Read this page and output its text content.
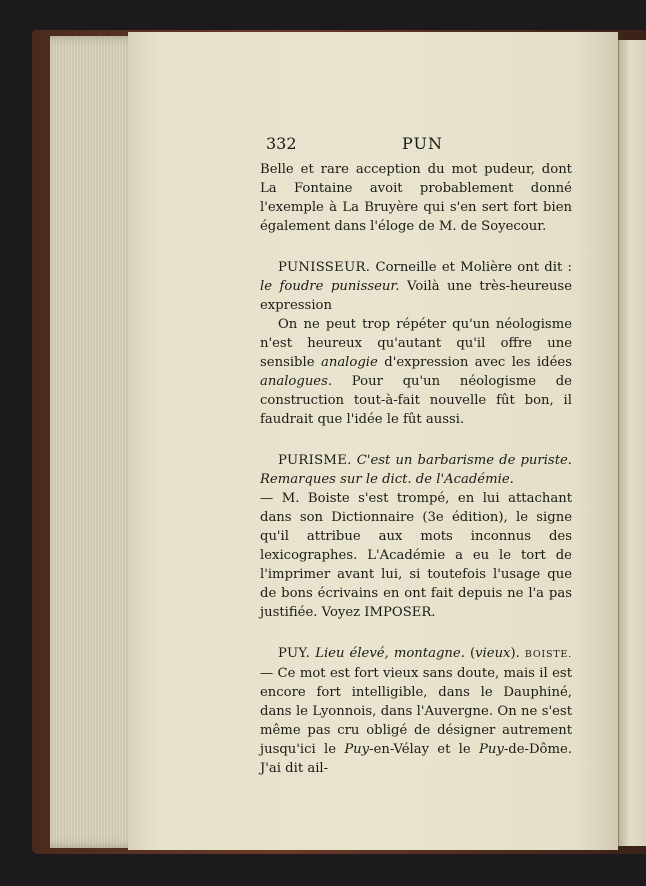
332	PUN

Belle et rare acception du mot pudeur, dont La Fontaine avoit probablement donné l'exemple à La Bruyère qui s'en sert fort bien également dans l'éloge de M. de Soyecour.

PUNISSEUR. Corneille et Molière ont dit : le foudre punisseur. Voilà une très-heureuse expression

On ne peut trop répéter qu'un néologisme n'est heureux qu'autant qu'il offre une sensible analogie d'expression avec les idées analogues. Pour qu'un néologisme de construction tout-à-fait nouvelle fût bon, il faudrait que l'idée le fût aussi.

PURISME. C'est un barbarisme de puriste. Remarques sur le dict. de l'Académie.

— M. Boiste s'est trompé, en lui attachant dans son Dictionnaire (3e édition), le signe qu'il attribue aux mots inconnus des lexicographes. L'Académie a eu le tort de l'imprimer avant lui, si toutefois l'usage que de bons écrivains en ont fait depuis ne l'a pas justifiée. Voyez IMPOSER.

PUY. Lieu élevé, montagne. (vieux). BOISTE. — Ce mot est fort vieux sans doute, mais il est encore fort intelligible, dans le Dauphiné, dans le Lyonnois, dans l'Auvergne. On ne s'est même pas cru obligé de désigner autrement jusqu'ici le Puy-en-Vélay et le Puy-de-Dôme. J'ai dit ail-
